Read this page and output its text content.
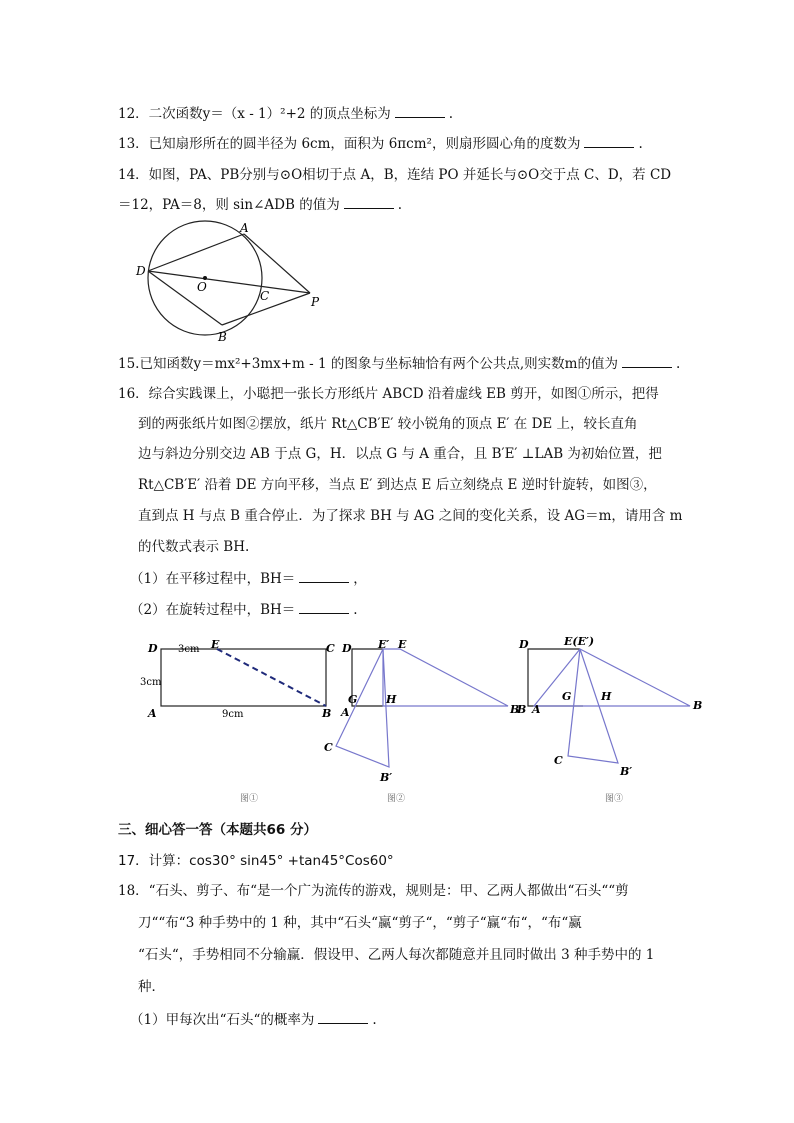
12．二次函数y＝（x - 1）²+2 的顶点坐标为	.
13．已知扇形所在的圆半径为 6cm，面积为 6πcm²，则扇形圆心角的度数为	.
14．如图，PA、PB分别与⊙O相切于点 A，B，连结 PO 并延长与⊙O交于点 C、D，若 CD
＝12，PA＝8，则 sin∠ADB 的值为	.
A
D
O
C	P
B
15.已知函数y＝mx²+3mx+m - 1 的图象与坐标轴恰有两个公共点,则实数m的值为	.
16．综合实践课上，小聪把一张长方形纸片 ABCD 沿着虚线 EB 剪开，如图①所示，把得
到的两张纸片如图②摆放，纸片 Rt△CB′E′ 较小锐角的顶点 E′ 在 DE 上，较长直角
边与斜边分别交边 AB 于点 G，H．以点 G 与 A 重合，且 B′E′ ⊥LAB 为初始位置，把
Rt△CB′E′ 沿着 DE 方向平移，当点 E′ 到达点 E 后立刻绕点 E 逆时针旋转，如图③，
直到点 H 与点 B 重合停止．为了探求 BH 与 AG 之间的变化关系，设 AG＝m，请用含 m
的代数式表示 BH.
（1）在平移过程中，BH＝	，
（2）在旋转过程中，BH＝	.
D 3cm E	C
3cm
A	9cm	B
图①
D E′ E
G	H
A	B
C
B′
图②
D	E(E′)
G	H
B A	B
C
B′
图③
三、细心答一答（本题共66 分）
17．计算：cos30° sin45° +tan45°Cos60°
18．“石头、剪子、布“是一个广为流传的游戏，规则是：甲、乙两人都做出“石头““剪
刀““布“3 种手势中的 1 种，其中“石头“赢“剪子“，“剪子“赢“布“，“布“赢
“石头“，手势相同不分输赢．假设甲、乙两人每次都随意并且同时做出 3 种手势中的 1
种．
（1）甲每次出“石头“的概率为	.
